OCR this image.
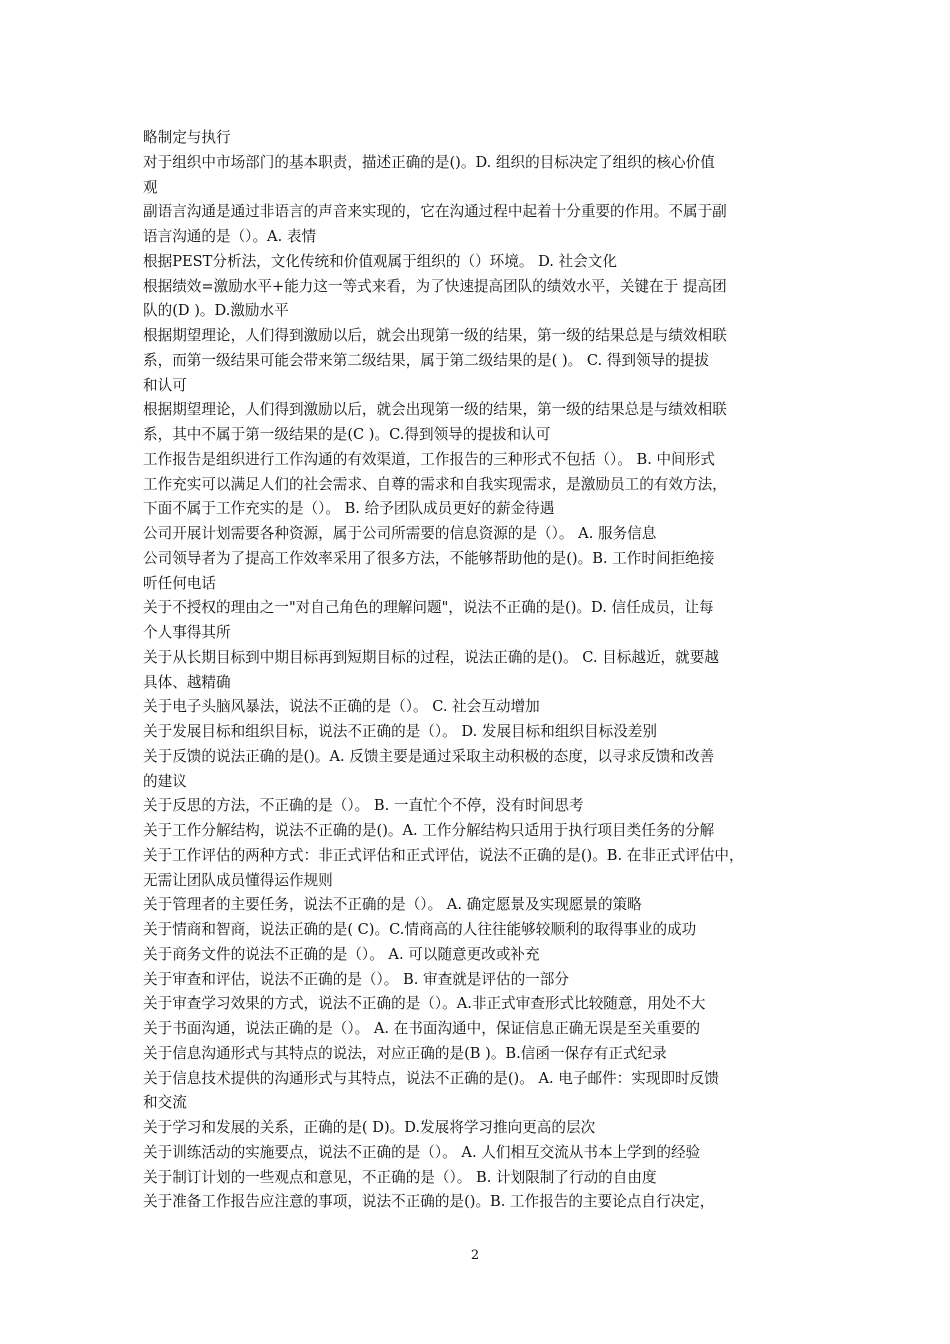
略制定与执行
对于组织中市场部门的基本职责，描述正确的是()。D. 组织的目标决定了组织的核心价值
观
副语言沟通是通过非语言的声音来实现的，它在沟通过程中起着十分重要的作用。不属于副
语言沟通的是（）。A. 表情
根据PEST分析法，文化传统和价值观属于组织的（）环境。 D. 社会文化
根据绩效=激励水平+能力这一等式来看，为了快速提高团队的绩效水平，关键在于 提高团
队的(D )。D.激励水平
根据期望理论，人们得到激励以后，就会出现第一级的结果，第一级的结果总是与绩效相联
系，而第一级结果可能会带来第二级结果，属于第二级结果的是( )。 C. 得到领导的提拔
和认可
根据期望理论，人们得到激励以后，就会出现第一级的结果，第一级的结果总是与绩效相联
系，其中不属于第一级结果的是(C )。C.得到领导的提拔和认可
工作报告是组织进行工作沟通的有效渠道，工作报告的三种形式不包括（）。 B. 中间形式
工作充实可以满足人们的社会需求、自尊的需求和自我实现需求，是激励员工的有效方法，
下面不属于工作充实的是（）。 B. 给予团队成员更好的薪金待遇
公司开展计划需要各种资源，属于公司所需要的信息资源的是（）。 A. 服务信息
公司领导者为了提高工作效率采用了很多方法，不能够帮助他的是()。B. 工作时间拒绝接
听任何电话
关于不授权的理由之一"对自己角色的理解问题"，说法不正确的是()。D. 信任成员，让每
个人事得其所
关于从长期目标到中期目标再到短期目标的过程，说法正确的是()。 C. 目标越近，就要越
具体、越精确
关于电子头脑风暴法，说法不正确的是（）。 C. 社会互动增加
关于发展目标和组织目标，说法不正确的是（）。 D. 发展目标和组织目标没差别
关于反馈的说法正确的是()。A. 反馈主要是通过采取主动积极的态度，以寻求反馈和改善
的建议
关于反思的方法，不正确的是（）。 B. 一直忙个不停，没有时间思考
关于工作分解结构，说法不正确的是()。A. 工作分解结构只适用于执行项目类任务的分解
关于工作评估的两种方式：非正式评估和正式评估，说法不正确的是()。B. 在非正式评估中，
无需让团队成员懂得运作规则
关于管理者的主要任务，说法不正确的是（）。 A. 确定愿景及实现愿景的策略
关于情商和智商，说法正确的是( C)。C.情商高的人往往能够较顺利的取得事业的成功
关于商务文件的说法不正确的是（）。 A. 可以随意更改或补充
关于审查和评估，说法不正确的是（）。 B. 审查就是评估的一部分
关于审查学习效果的方式，说法不正确的是（）。A.非正式审查形式比较随意，用处不大
关于书面沟通，说法正确的是（）。 A. 在书面沟通中，保证信息正确无误是至关重要的
关于信息沟通形式与其特点的说法，对应正确的是(B )。B.信函一保存有正式纪录
关于信息技术提供的沟通形式与其特点，说法不正确的是()。 A. 电子邮件：实现即时反馈
和交流
关于学习和发展的关系，正确的是( D)。D.发展将学习推向更高的层次
关于训练活动的实施要点，说法不正确的是（）。 A. 人们相互交流从书本上学到的经验
关于制订计划的一些观点和意见，不正确的是（）。 B. 计划限制了行动的自由度
关于准备工作报告应注意的事项，说法不正确的是()。B. 工作报告的主要论点自行决定，
2
